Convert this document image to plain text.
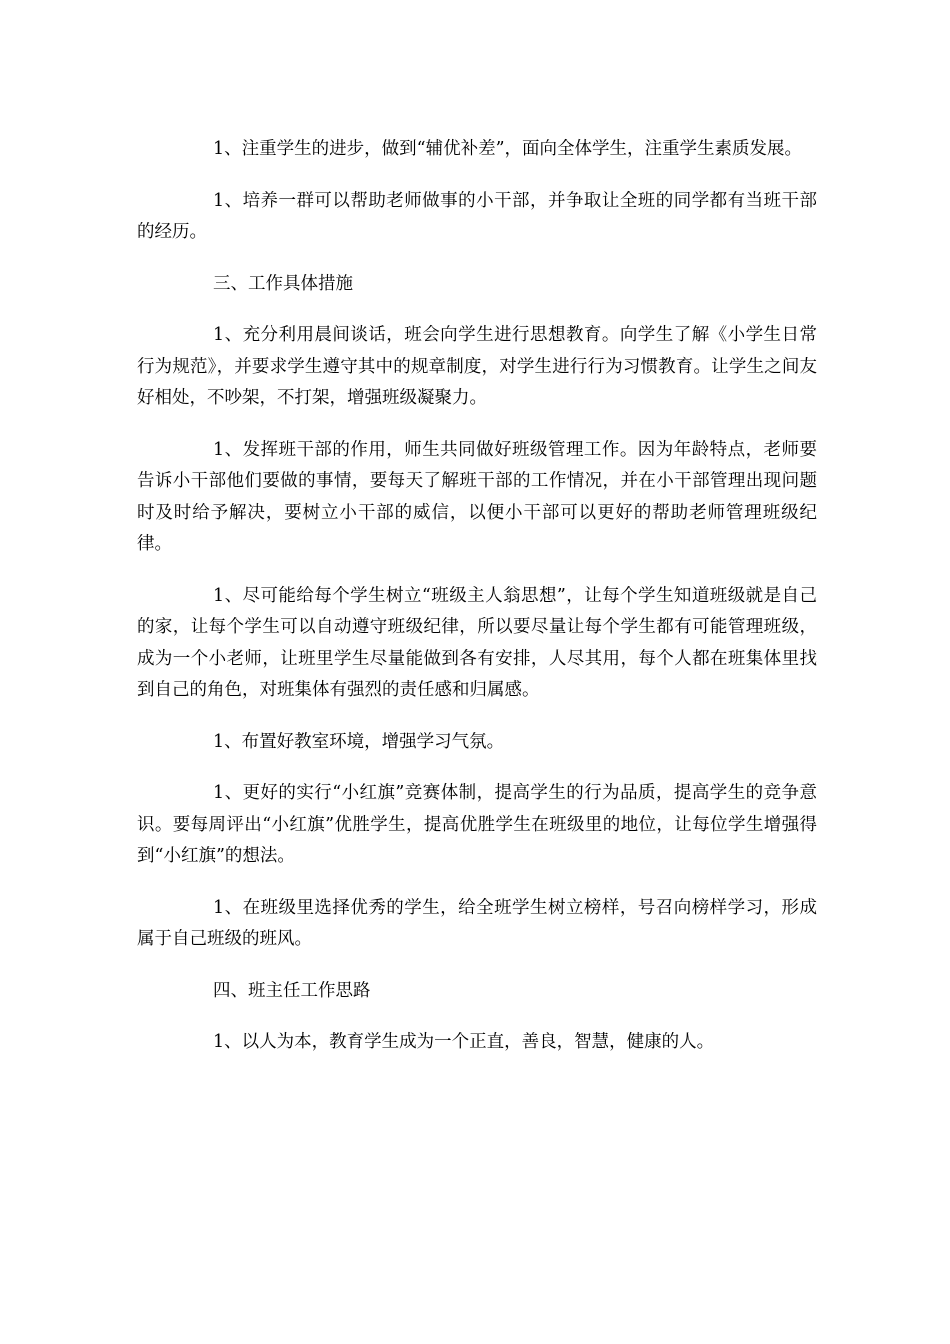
1、注重学生的进步，做到“辅优补差”，面向全体学生，注重学生素质发展。

1、培养一群可以帮助老师做事的小干部，并争取让全班的同学都有当班干部的经历。

三、工作具体措施

1、充分利用晨间谈话，班会向学生进行思想教育。向学生了解《小学生日常行为规范》，并要求学生遵守其中的规章制度，对学生进行行为习惯教育。让学生之间友好相处，不吵架，不打架，增强班级凝聚力。

1、发挥班干部的作用，师生共同做好班级管理工作。因为年龄特点，老师要告诉小干部他们要做的事情，要每天了解班干部的工作情况，并在小干部管理出现问题时及时给予解决，要树立小干部的威信，以便小干部可以更好的帮助老师管理班级纪律。

1、尽可能给每个学生树立“班级主人翁思想”，让每个学生知道班级就是自己的家，让每个学生可以自动遵守班级纪律，所以要尽量让每个学生都有可能管理班级，成为一个小老师，让班里学生尽量能做到各有安排，人尽其用，每个人都在班集体里找到自己的角色，对班集体有强烈的责任感和归属感。

1、布置好教室环境，增强学习气氛。

1、更好的实行“小红旗”竞赛体制，提高学生的行为品质，提高学生的竞争意识。要每周评出“小红旗”优胜学生，提高优胜学生在班级里的地位，让每位学生增强得到“小红旗”的想法。

1、在班级里选择优秀的学生，给全班学生树立榜样，号召向榜样学习，形成属于自己班级的班风。

四、班主任工作思路

1、以人为本，教育学生成为一个正直，善良，智慧，健康的人。
